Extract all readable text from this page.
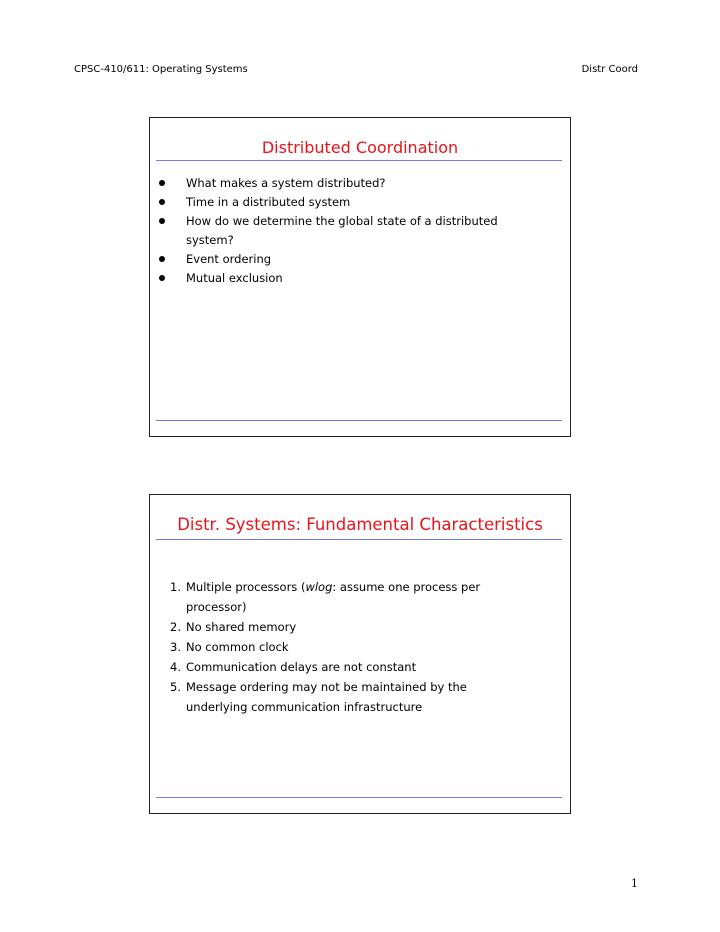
CPSC-410/611: Operating Systems	Distr Coord
Distributed Coordination
What makes a system distributed?
Time in a distributed system
How do we determine the global state of a distributed system?
Event ordering
Mutual exclusion
Distr. Systems: Fundamental Characteristics
1. Multiple processors (wlog: assume one process per processor)
2. No shared memory
3. No common clock
4. Communication delays are not constant
5. Message ordering may not be maintained by the underlying communication infrastructure
1
